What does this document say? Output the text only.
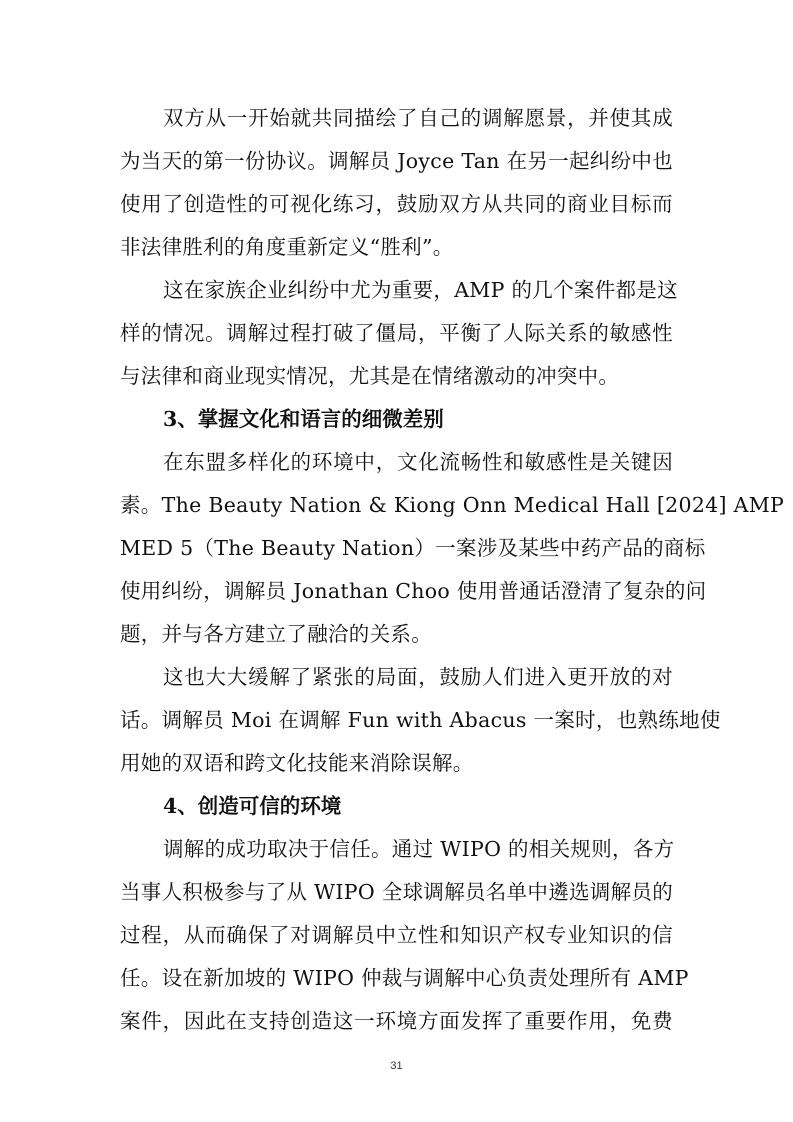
双方从一开始就共同描绘了自己的调解愿景，并使其成
为当天的第一份协议。调解员 Joyce Tan 在另一起纠纷中也
使用了创造性的可视化练习，鼓励双方从共同的商业目标而
非法律胜利的角度重新定义“胜利”。
这在家族企业纠纷中尤为重要，AMP 的几个案件都是这
样的情况。调解过程打破了僵局，平衡了人际关系的敏感性
与法律和商业现实情况，尤其是在情绪激动的冲突中。
3、掌握文化和语言的细微差别
在东盟多样化的环境中，文化流畅性和敏感性是关键因
素。The Beauty Nation & Kiong Onn Medical Hall [2024] AMP
MED 5（The Beauty Nation）一案涉及某些中药产品的商标
使用纠纷，调解员 Jonathan Choo 使用普通话澄清了复杂的问
题，并与各方建立了融洽的关系。
这也大大缓解了紧张的局面，鼓励人们进入更开放的对
话。调解员 Moi 在调解 Fun with Abacus 一案时，也熟练地使
用她的双语和跨文化技能来消除误解。
4、创造可信的环境
调解的成功取决于信任。通过 WIPO 的相关规则，各方
当事人积极参与了从 WIPO 全球调解员名单中遴选调解员的
过程，从而确保了对调解员中立性和知识产权专业知识的信
任。设在新加坡的 WIPO 仲裁与调解中心负责处理所有 AMP
31
案件，因此在支持创造这一环境方面发挥了重要作用，免费
